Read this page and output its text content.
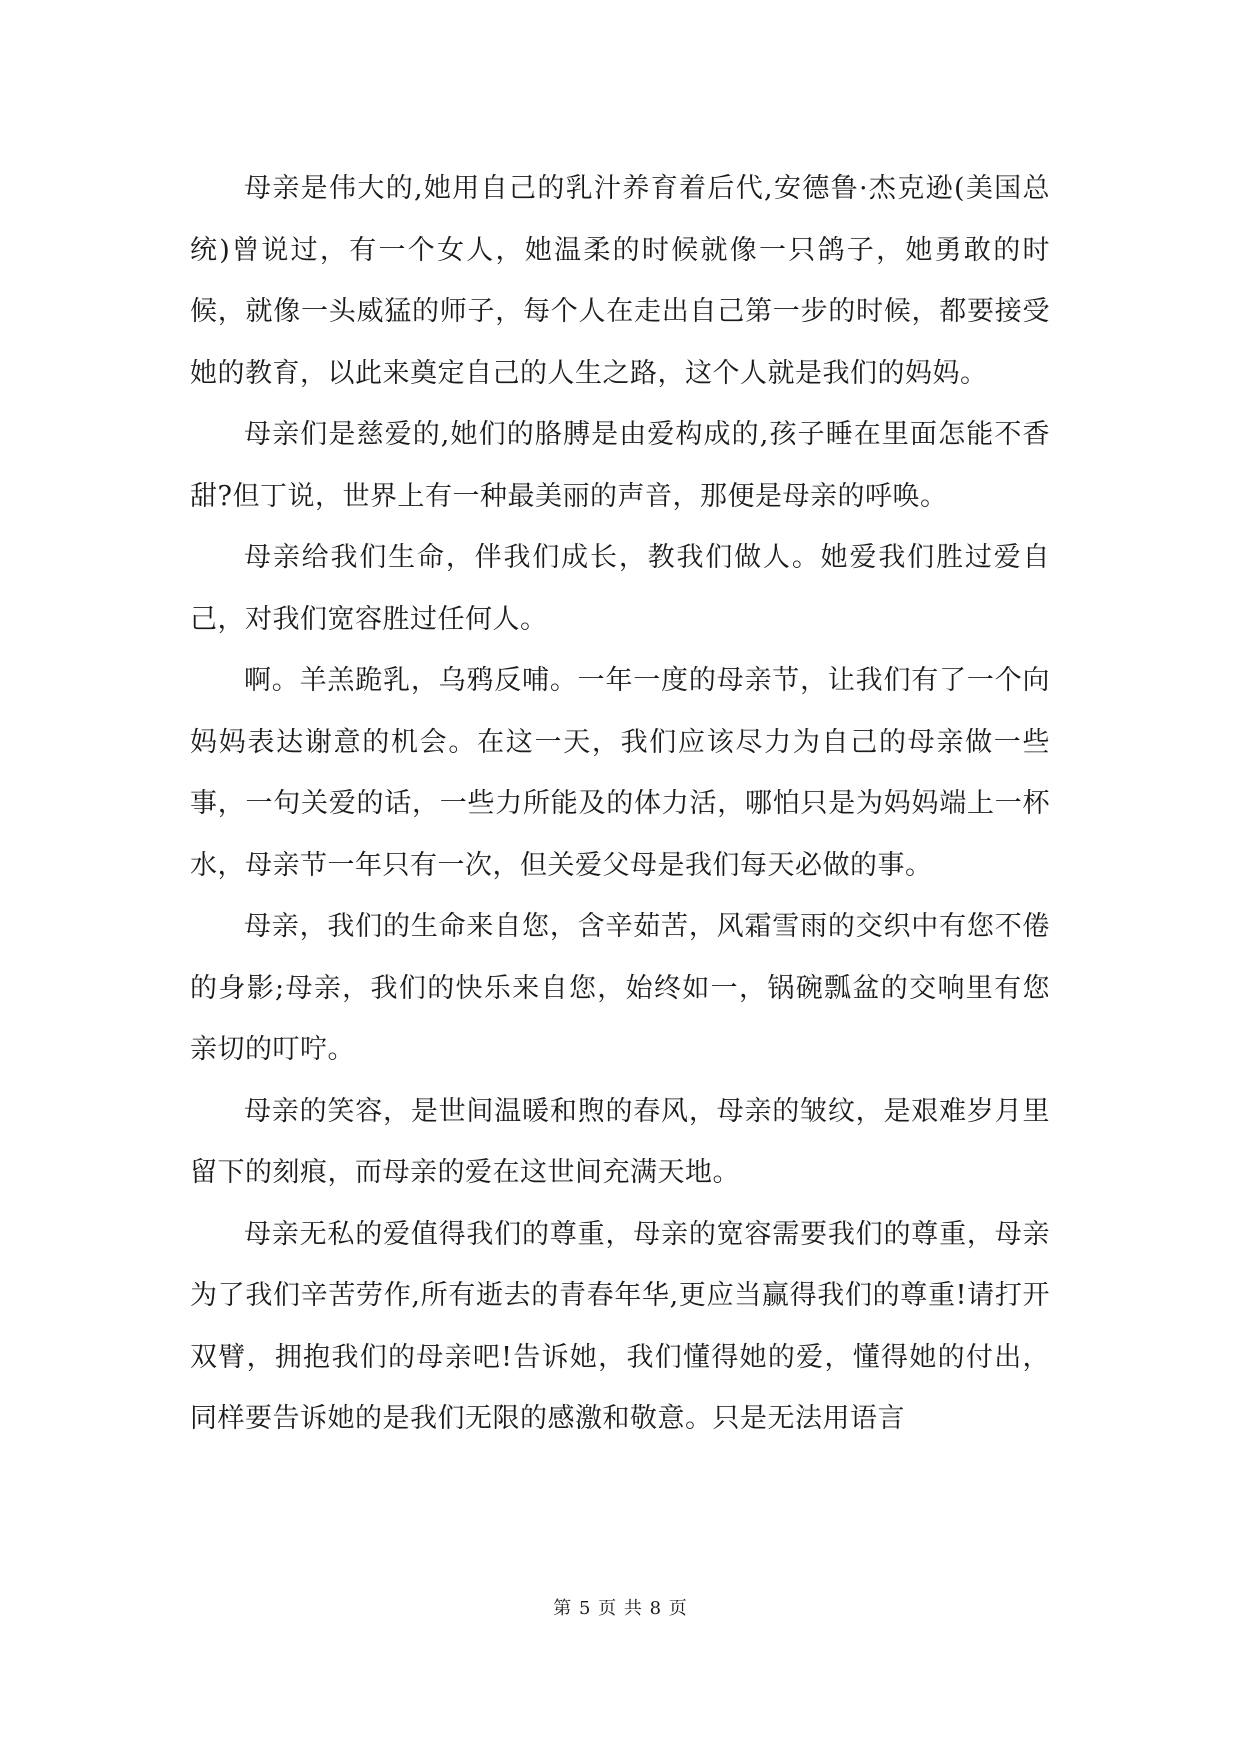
母亲是伟大的,她用自己的乳汁养育着后代,安德鲁·杰克逊(美国总统)曾说过，有一个女人，她温柔的时候就像一只鸽子，她勇敢的时候，就像一头威猛的师子，每个人在走出自己第一步的时候，都要接受她的教育，以此来奠定自己的人生之路，这个人就是我们的妈妈。

母亲们是慈爱的,她们的胳膊是由爱构成的,孩子睡在里面怎能不香甜?但丁说，世界上有一种最美丽的声音，那便是母亲的呼唤。

母亲给我们生命，伴我们成长，教我们做人。她爱我们胜过爱自己，对我们宽容胜过任何人。

啊。羊羔跪乳，乌鸦反哺。一年一度的母亲节，让我们有了一个向妈妈表达谢意的机会。在这一天，我们应该尽力为自己的母亲做一些事，一句关爱的话，一些力所能及的体力活，哪怕只是为妈妈端上一杯水，母亲节一年只有一次，但关爱父母是我们每天必做的事。

母亲，我们的生命来自您，含辛茹苦，风霜雪雨的交织中有您不倦的身影;母亲，我们的快乐来自您，始终如一，锅碗瓢盆的交响里有您亲切的叮咛。

母亲的笑容，是世间温暖和煦的春风，母亲的皱纹，是艰难岁月里留下的刻痕，而母亲的爱在这世间充满天地。

母亲无私的爱值得我们的尊重，母亲的宽容需要我们的尊重，母亲为了我们辛苦劳作,所有逝去的青春年华,更应当赢得我们的尊重!请打开双臂，拥抱我们的母亲吧!告诉她，我们懂得她的爱，懂得她的付出，同样要告诉她的是我们无限的感激和敬意。只是无法用语言

第 5 页 共 8 页
